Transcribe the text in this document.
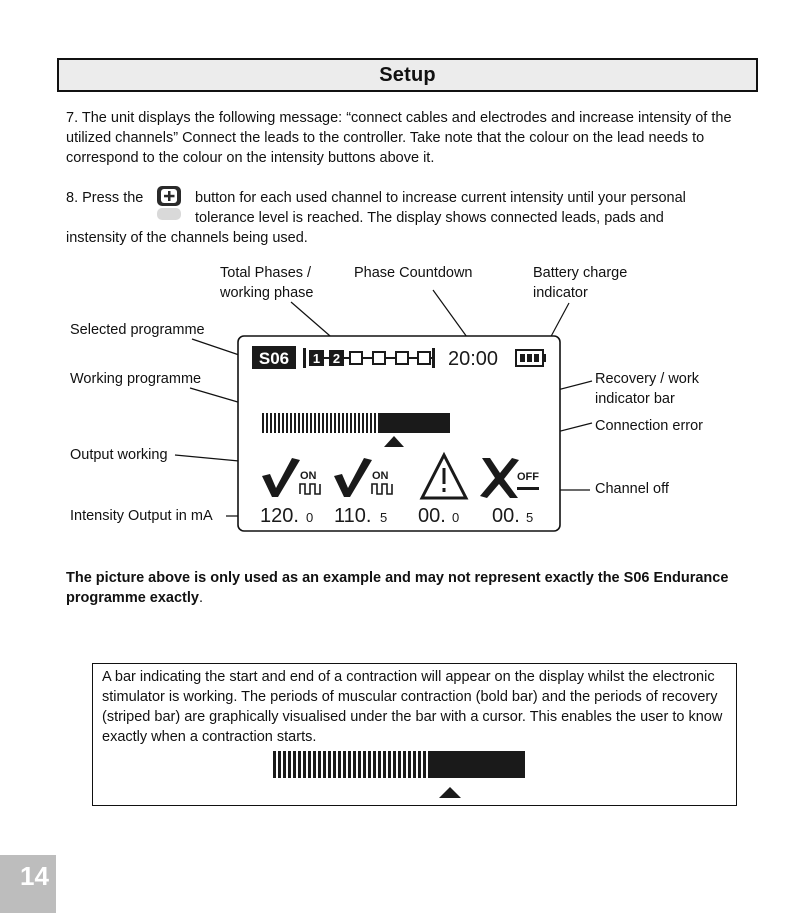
Setup

7. The unit displays the following message: “connect cables and electrodes and increase intensity of the utilized channels” Connect the leads to the controller. Take note that the colour on the lead needs to correspond to the colour on the intensity buttons above it.

8. Press the	button for each used channel to increase current intensity until your personal
tolerance level is reached. The display shows connected leads, pads and
instensity of the channels being used.
Total Phases /
working phase
Phase Countdown	Battery charge
indicator
Selected programme
Working programme	Recovery / work
indicator bar
Connection error
Output working
Channel off
Intensity Output in mA
S06 1 2	20:00
ON	ON	OFF
120. 0 110. 5 00. 0 00. 5
The picture above is only used as an example and may not represent exactly the S06 Endurance programme exactly.
A bar indicating the start and end of a contraction will appear on the display whilst the electronic stimulator is working. The periods of muscular contraction (bold bar) and the periods of recovery (striped bar) are graphically visualised under the bar with a cursor. This enables the user to know exactly when a contraction starts.
14
